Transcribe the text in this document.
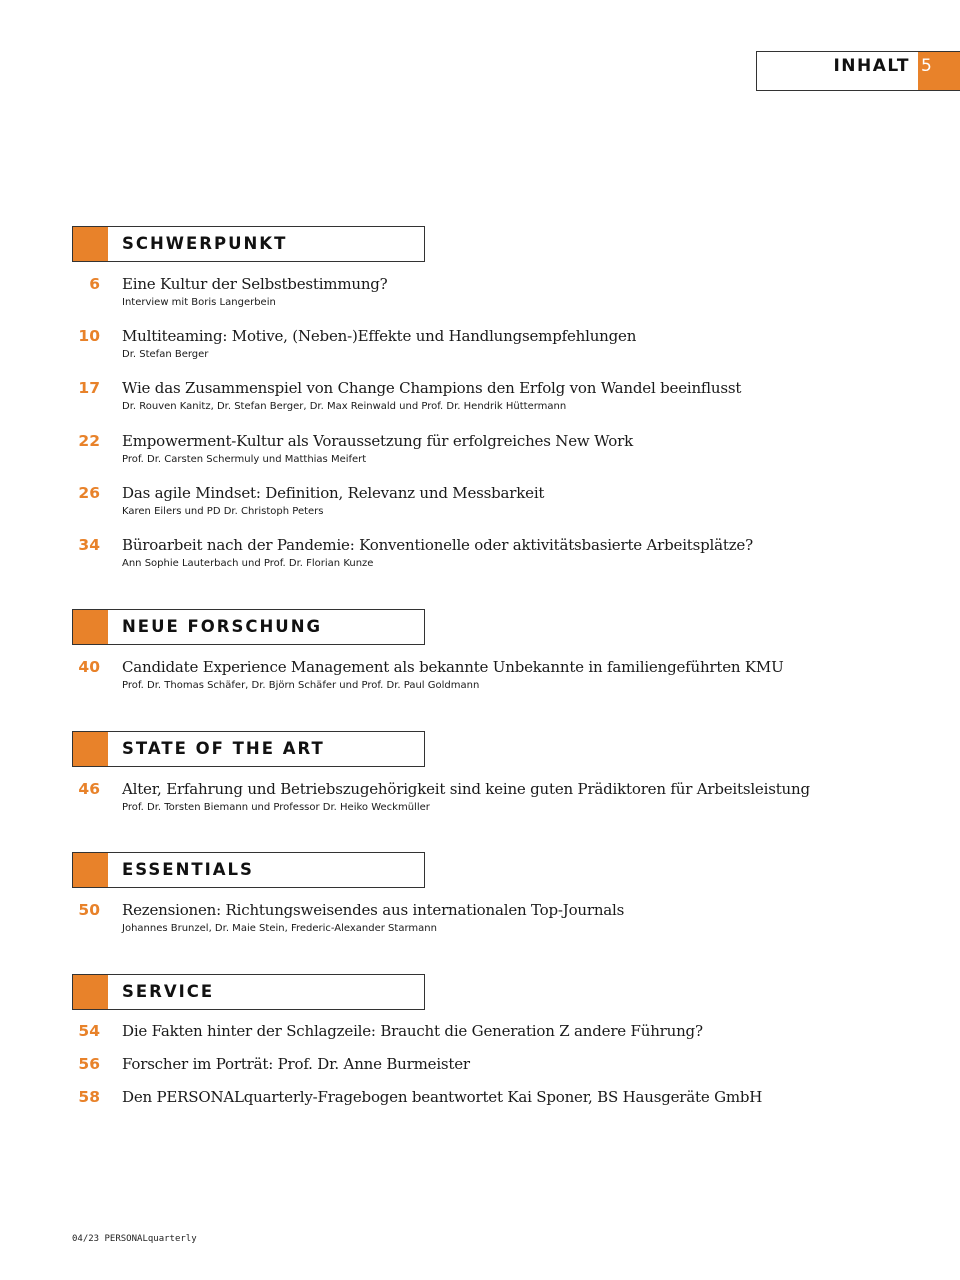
INHALT 5
SCHWERPUNKT
6 Eine Kultur der Selbstbestimmung?
Interview mit Boris Langerbein
10 Multiteaming: Motive, (Neben-)Effekte und Handlungsempfehlungen
Dr. Stefan Berger
17 Wie das Zusammenspiel von Change Champions den Erfolg von Wandel beeinflusst
Dr. Rouven Kanitz, Dr. Stefan Berger, Dr. Max Reinwald und Prof. Dr. Hendrik Hüttermann
22 Empowerment-Kultur als Voraussetzung für erfolgreiches New Work
Prof. Dr. Carsten Schermuly und Matthias Meifert
26 Das agile Mindset: Definition, Relevanz und Messbarkeit
Karen Eilers und PD Dr. Christoph Peters
34 Büroarbeit nach der Pandemie: Konventionelle oder aktivitätsbasierte Arbeitsplätze?
Ann Sophie Lauterbach und Prof. Dr. Florian Kunze
NEUE FORSCHUNG
40 Candidate Experience Management als bekannte Unbekannte in familiengeführten KMU
Prof. Dr. Thomas Schäfer, Dr. Björn Schäfer und Prof. Dr. Paul Goldmann
STATE OF THE ART
46 Alter, Erfahrung und Betriebszugehörigkeit sind keine guten Prädiktoren für Arbeitsleistung
Prof. Dr. Torsten Biemann und Professor Dr. Heiko Weckmüller
ESSENTIALS
50 Rezensionen: Richtungsweisendes aus internationalen Top-Journals
Johannes Brunzel, Dr. Maie Stein, Frederic-Alexander Starmann
SERVICE
54 Die Fakten hinter der Schlagzeile: Braucht die Generation Z andere Führung?
56 Forscher im Porträt: Prof. Dr. Anne Burmeister
58 Den PERSONALquarterly-Fragebogen beantwortet Kai Sponer, BS Hausgeräte GmbH
04/23 PERSONALquarterly
